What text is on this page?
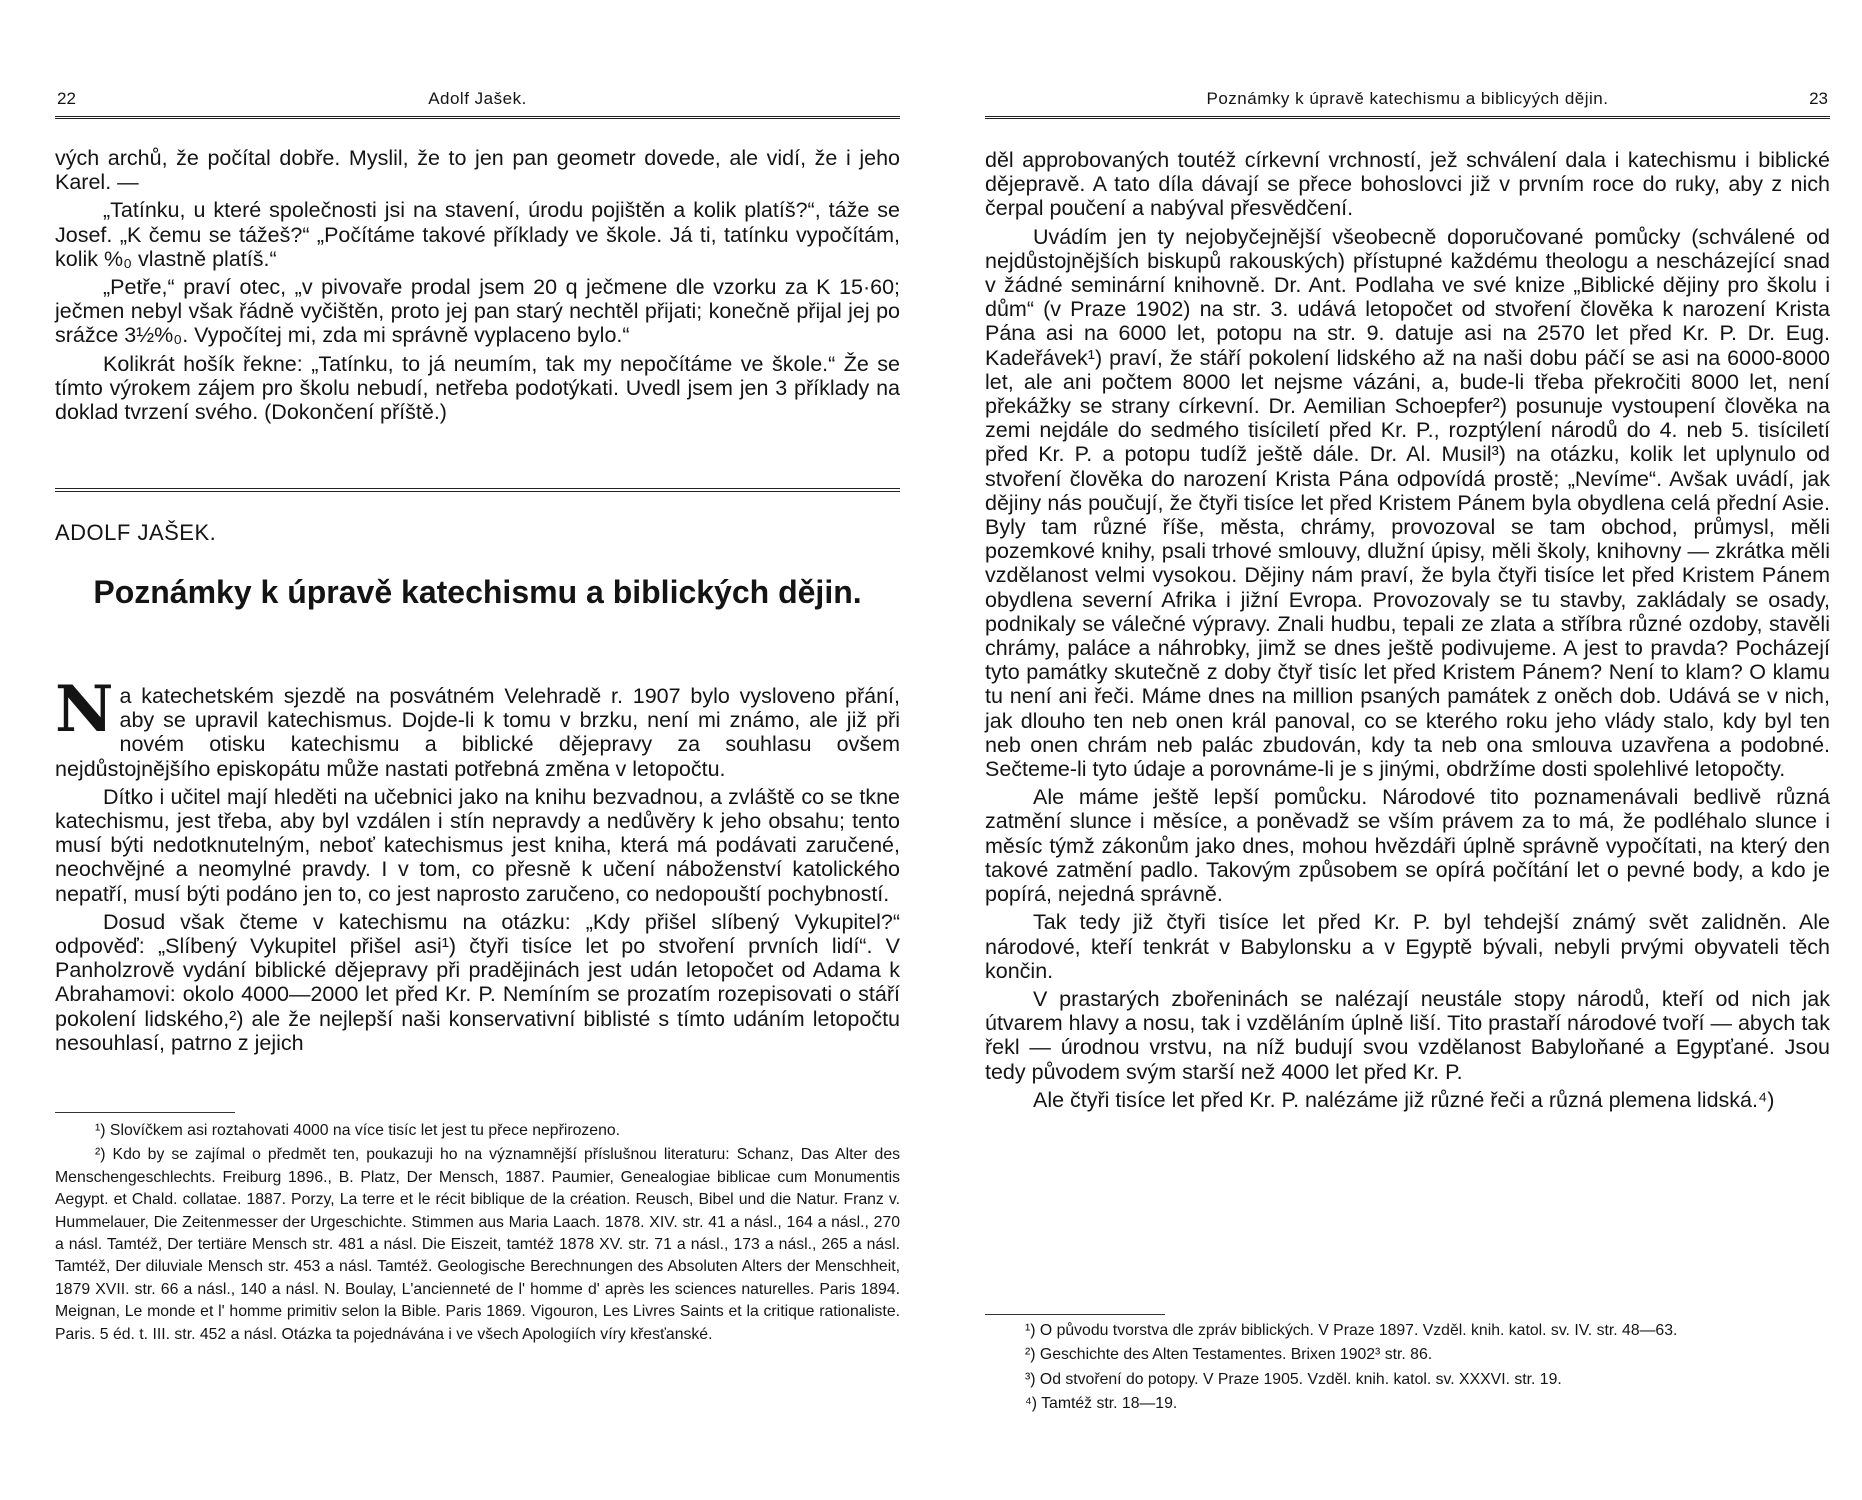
22	Adolf Jašek.

vých archů, že počítal dobře. Myslil, že to jen pan geometr dovede, ale vidí, že i jeho Karel. —

„Tatínku, u které společnosti jsi na stavení, úrodu pojištěn a kolik platíš?“, táže se Josef. „K čemu se tážeš?“ „Počítáme takové příklady ve škole. Já ti, tatínku vypočítám, kolik %₀ vlastně platíš.“

„Petře,“ praví otec, „v pivovaře prodal jsem 20 q ječmene dle vzorku za K 15·60; ječmen nebyl však řádně vyčištěn, proto jej pan starý nechtěl přijati; konečně přijal jej po srážce 3½%₀. Vypočítej mi, zda mi správně vyplaceno bylo.“

Kolikrát hošík řekne: „Tatínku, to já neumím, tak my nepočítáme ve škole.“ Že se tímto výrokem zájem pro školu nebudí, netřeba podotýkati. Uvedl jsem jen 3 příklady na doklad tvrzení svého. (Dokončení příště.)

ADOLF JAŠEK.
Poznámky k úpravě katechismu a biblických dějin.

Na katechetském sjezdě na posvátném Velehradě r. 1907 bylo vysloveno přání, aby se upravil katechismus. Dojde-li k tomu v brzku, není mi známo, ale již při novém otisku katechismu a biblické dějepravy za souhlasu ovšem nejdůstojnějšího episkopátu může nastati potřebná změna v letopočtu.

Dítko i učitel mají hleděti na učebnici jako na knihu bezvadnou, a zvláště co se tkne katechismu, jest třeba, aby byl vzdálen i stín nepravdy a nedůvěry k jeho obsahu; tento musí býti nedotknutelným, neboť katechismus jest kniha, která má podávati zaručené, neochvějné a neomylné pravdy. I v tom, co přesně k učení náboženství katolického nepatří, musí býti podáno jen to, co jest naprosto zaručeno, co nedopouští pochybností.

Dosud však čteme v katechismu na otázku: „Kdy přišel slíbený Vykupitel?“ odpověď: „Slíbený Vykupitel přišel asi¹) čtyři tisíce let po stvoření prvních lidí“. V Panholzrově vydání biblické dějepravy při pradějinách jest udán letopočet od Adama k Abrahamovi: okolo 4000—2000 let před Kr. P. Nemíním se prozatím rozepisovati o stáří pokolení lidského,²) ale že nejlepší naši konservativní biblisté s tímto udáním letopočtu nesouhlasí, patrno z jejich

¹) Slovíčkem asi roztahovati 4000 na více tisíc let jest tu přece nepřirozeno.

²) Kdo by se zajímal o předmět ten, poukazuji ho na významnější příslušnou literaturu: Schanz, Das Alter des Menschengeschlechts. Freiburg 1896., B. Platz, Der Mensch, 1887. Paumier, Genealogiae biblicae cum Monumentis Aegypt. et Chald. collatae. 1887. Porzy, La terre et le récit biblique de la création. Reusch, Bibel und die Natur. Franz v. Hummelauer, Die Zeitenmesser der Urgeschichte. Stimmen aus Maria Laach. 1878. XIV. str. 41 a násl., 164 a násl., 270 a násl. Tamtéž, Der tertiäre Mensch str. 481 a násl. Die Eiszeit, tamtéž 1878 XV. str. 71 a násl., 173 a násl., 265 a násl. Tamtéž, Der diluviale Mensch str. 453 a násl. Tamtéž. Geologische Berechnungen des Absoluten Alters der Menschheit, 1879 XVII. str. 66 a násl., 140 a násl. N. Boulay, L'ancienneté de l' homme d' après les sciences naturelles. Paris 1894. Meignan, Le monde et l' homme primitiv selon la Bible. Paris 1869. Vigouron, Les Livres Saints et la critique rationaliste. Paris. 5 éd. t. III. str. 452 a násl. Otázka ta pojednávána i ve všech Apologiích víry křesťanské.

Poznámky k úpravě katechismu a biblicyých dějin.	23

děl approbovaných toutéž církevní vrchností, jež schválení dala i katechismu i biblické dějepravě. A tato díla dávají se přece bohoslovci již v prvním roce do ruky, aby z nich čerpal poučení a nabýval přesvědčení.

Uvádím jen ty nejobyčejnější všeobecně doporučované pomůcky (schválené od nejdůstojnějších biskupů rakouských) přístupné každému theologu a nescházející snad v žádné seminární knihovně. Dr. Ant. Podlaha ve své knize „Biblické dějiny pro školu i dům“ (v Praze 1902) na str. 3. udává letopočet od stvoření člověka k narození Krista Pána asi na 6000 let, potopu na str. 9. datuje asi na 2570 let před Kr. P. Dr. Eug. Kadeřávek¹) praví, že stáří pokolení lidského až na naši dobu páčí se asi na 6000-8000 let, ale ani počtem 8000 let nejsme vázáni, a, bude-li třeba překročiti 8000 let, není překážky se strany církevní. Dr. Aemilian Schoepfer²) posunuje vystoupení člověka na zemi nejdále do sedmého tisíciletí před Kr. P., rozptýlení národů do 4. neb 5. tisíciletí před Kr. P. a potopu tudíž ještě dále. Dr. Al. Musil³) na otázku, kolik let uplynulo od stvoření člověka do narození Krista Pána odpovídá prostě; „Nevíme“. Avšak uvádí, jak dějiny nás poučují, že čtyři tisíce let před Kristem Pánem byla obydlena celá přední Asie. Byly tam různé říše, města, chrámy, provozoval se tam obchod, průmysl, měli pozemkové knihy, psali trhové smlouvy, dlužní úpisy, měli školy, knihovny — zkrátka měli vzdělanost velmi vysokou. Dějiny nám praví, že byla čtyři tisíce let před Kristem Pánem obydlena severní Afrika i jižní Evropa. Provozovaly se tu stavby, zakládaly se osady, podnikaly se válečné výpravy. Znali hudbu, tepali ze zlata a stříbra různé ozdoby, stavěli chrámy, paláce a náhrobky, jimž se dnes ještě podivujeme. A jest to pravda? Pocházejí tyto památky skutečně z doby čtyř tisíc let před Kristem Pánem? Není to klam? O klamu tu není ani řeči. Máme dnes na million psaných památek z oněch dob. Udává se v nich, jak dlouho ten neb onen král panoval, co se kterého roku jeho vlády stalo, kdy byl ten neb onen chrám neb palác zbudován, kdy ta neb ona smlouva uzavřena a podobné. Sečteme-li tyto údaje a porovnáme-li je s jinými, obdržíme dosti spolehlivé letopočty.

Ale máme ještě lepší pomůcku. Národové tito poznamenávali bedlivě různá zatmění slunce i měsíce, a poněvadž se vším právem za to má, že podléhalo slunce i měsíc týmž zákonům jako dnes, mohou hvězdáři úplně správně vypočítati, na který den takové zatmění padlo. Takovým způsobem se opírá počítání let o pevné body, a kdo je popírá, nejedná správně.

Tak tedy již čtyři tisíce let před Kr. P. byl tehdejší známý svět zalidněn. Ale národové, kteří tenkrát v Babylonsku a v Egyptě bývali, nebyli prvými obyvateli těch končin.

V prastarých zbořeninách se nalézají neustále stopy národů, kteří od nich jak útvarem hlavy a nosu, tak i vzděláním úplně liší. Tito prastaří národové tvoří — abych tak řekl — úrodnou vrstvu, na níž budují svou vzdělanost Babyloňané a Egypťané. Jsou tedy původem svým starší než 4000 let před Kr. P.

Ale čtyři tisíce let před Kr. P. nalézáme již různé řeči a různá plemena lidská.⁴)

¹) O původu tvorstva dle zpráv biblických. V Praze 1897. Vzděl. knih. katol. sv. IV. str. 48—63.

²) Geschichte des Alten Testamentes. Brixen 1902³ str. 86.

³) Od stvoření do potopy. V Praze 1905. Vzděl. knih. katol. sv. XXXVI. str. 19.

⁴) Tamtéž str. 18—19.
